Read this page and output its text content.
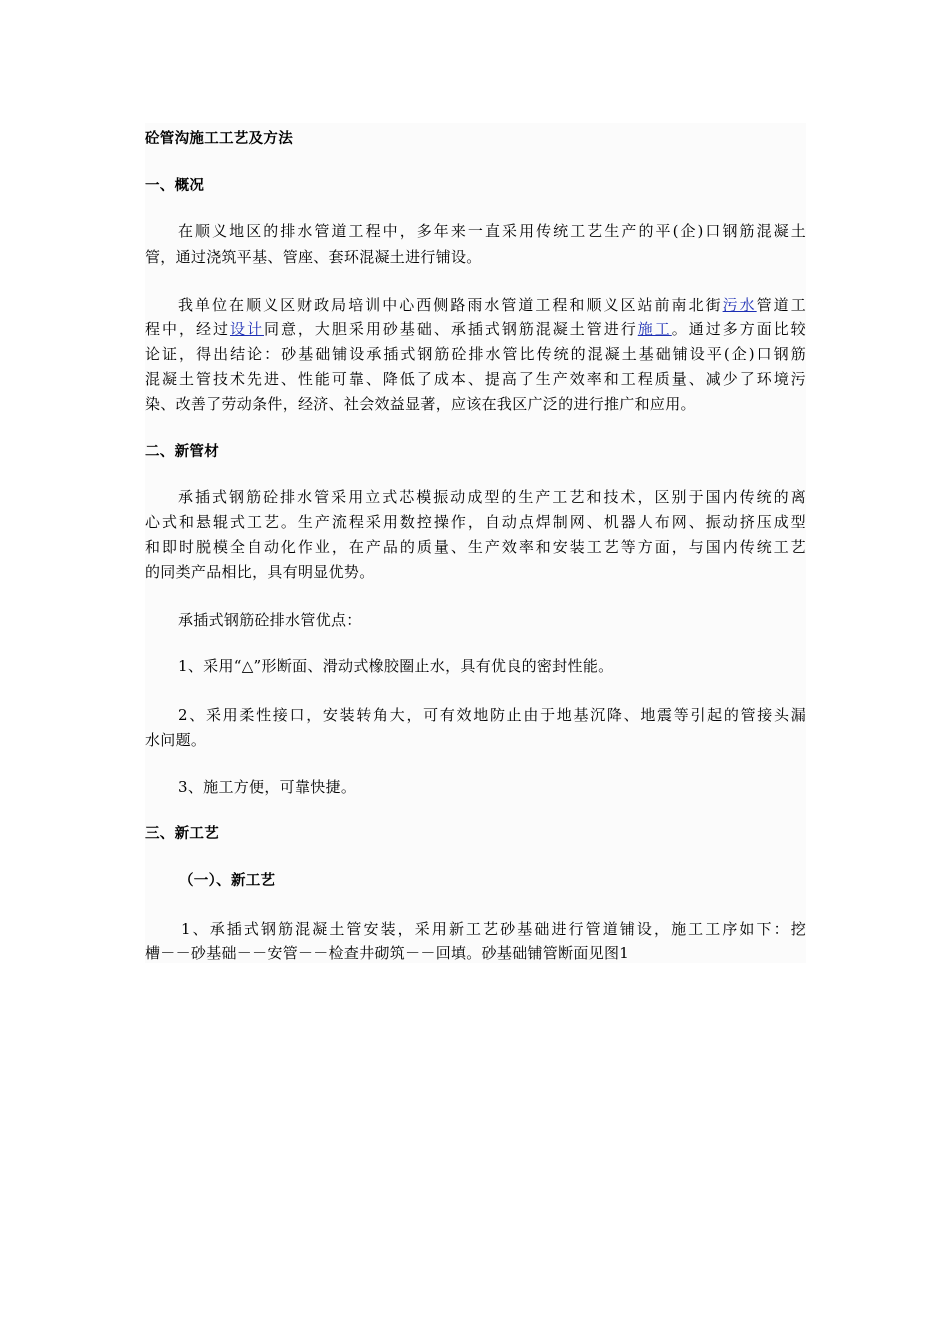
砼管沟施工工艺及方法
一、概况
在顺义地区的排水管道工程中，多年来一直采用传统工艺生产的平(企)口钢筋混凝土
管，通过浇筑平基、管座、套环混凝土进行铺设。
我单位在顺义区财政局培训中心西侧路雨水管道工程和顺义区站前南北街污水管道工
程中，经过设计同意，大胆采用砂基础、承插式钢筋混凝土管进行施工。通过多方面比较
论证，得出结论：砂基础铺设承插式钢筋砼排水管比传统的混凝土基础铺设平(企)口钢筋
混凝土管技术先进、性能可靠、降低了成本、提高了生产效率和工程质量、减少了环境污
染、改善了劳动条件，经济、社会效益显著，应该在我区广泛的进行推广和应用。
二、新管材
承插式钢筋砼排水管采用立式芯模振动成型的生产工艺和技术，区别于国内传统的离
心式和悬辊式工艺。生产流程采用数控操作，自动点焊制网、机器人布网、振动挤压成型
和即时脱模全自动化作业，在产品的质量、生产效率和安装工艺等方面，与国内传统工艺
的同类产品相比，具有明显优势。
承插式钢筋砼排水管优点：
1、采用“△”形断面、滑动式橡胶圈止水，具有优良的密封性能。
2、采用柔性接口，安装转角大，可有效地防止由于地基沉降、地震等引起的管接头漏
水问题。
3、施工方便，可靠快捷。
三、新工艺
（一）、新工艺
1、承插式钢筋混凝土管安装，采用新工艺砂基础进行管道铺设，施工工序如下：挖
槽－－砂基础－－安管－－检查井砌筑－－回填。砂基础铺管断面见图1
